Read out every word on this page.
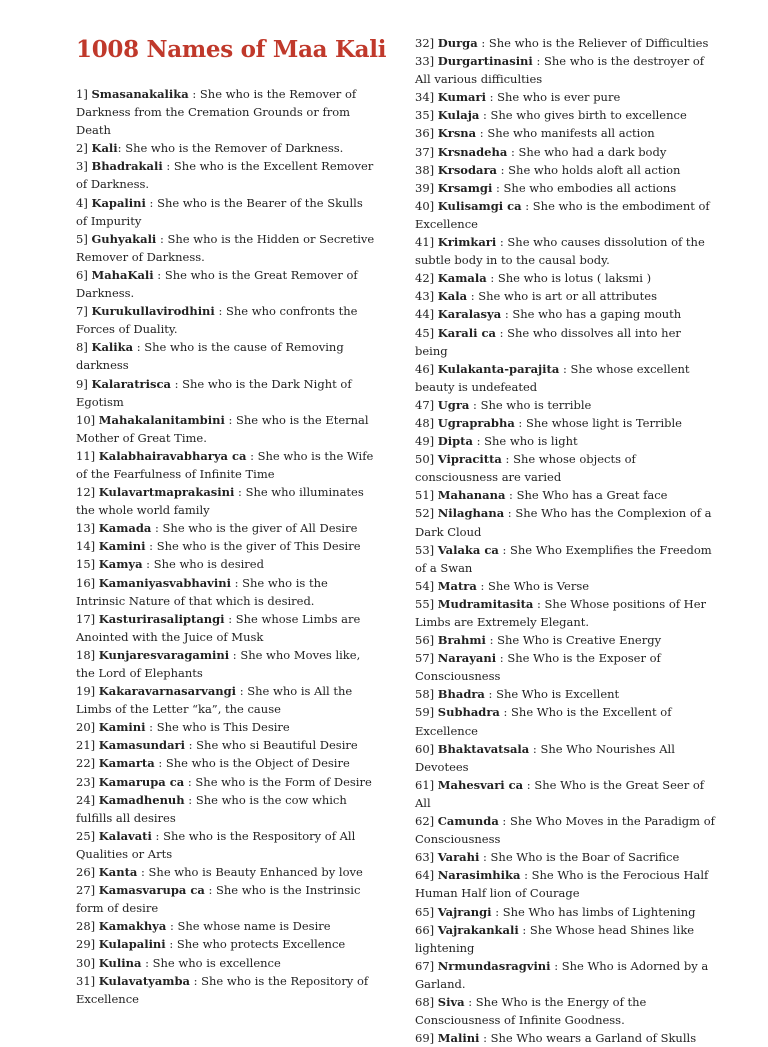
1008 Names of Maa Kali

1] Smasanakalika : She who is the Remover of Darkness from the Cremation Grounds or from Death

2] Kali: She who is the Remover of Darkness.

3] Bhadrakali : She who is the Excellent Remover of Darkness.

4] Kapalini : She who is the Bearer of the Skulls of Impurity

5] Guhyakali : She who is the Hidden or Secretive Remover of Darkness.

6] MahaKali : She who is the Great Remover of Darkness.

7] Kurukullavirodhini : She who confronts the Forces of Duality.

8] Kalika : She who is the cause of Removing darkness

9] Kalaratrisca : She who is the Dark Night of Egotism

10] Mahakalanitambini : She who is the Eternal Mother of Great Time.

11] Kalabhairavabharya ca : She who is the Wife of the Fearfulness of Infinite Time

12] Kulavartmaprakasini : She who illuminates the whole world family

13] Kamada : She who is the giver of All Desire

14] Kamini : She who is the giver of This Desire

15] Kamya : She who is desired

16] Kamaniyasvabhavini : She who is the Intrinsic Nature of that which is desired.

17] Kasturirasaliptangi : She whose Limbs are Anointed with the Juice of Musk

18] Kunjaresvaragamini : She who Moves like, the Lord of Elephants

19] Kakaravarnasarvangi : She who is All the Limbs of the Letter “ka”, the cause

20] Kamini : She who is This Desire

21] Kamasundari : She who si Beautiful Desire

22] Kamarta : She who is the Object of Desire

23] Kamarupa ca : She who is the Form of Desire

24] Kamadhenuh : She who is the cow which fulfills all desires

25] Kalavati : She who is the Respository of All Qualities or Arts

26] Kanta : She who is Beauty Enhanced by love

27] Kamasvarupa ca : She who is the Instrinsic form of desire

28] Kamakhya : She whose name is Desire

29] Kulapalini : She who protects Excellence

30] Kulina : She who is excellence

31] Kulavatyamba : She who is the Repository of Excellence

32] Durga : She who is the Reliever of Difficulties

33] Durgartinasini : She who is the destroyer of All various difficulties

34] Kumari : She who is ever pure

35] Kulaja : She who gives birth to excellence

36] Krsna : She who manifests all action

37] Krsnadeha : She who had a dark body

38] Krsodara : She who holds aloft all action

39] Krsamgi : She who embodies all actions

40] Kulisamgi ca : She who is the embodiment of Excellence

41] Krimkari : She who causes dissolution of the subtle body in to the causal body.

42] Kamala : She who is lotus ( laksmi )

43] Kala : She who is art or all attributes

44] Karalasya : She who has a gaping mouth

45] Karali ca : She who dissolves all into her being

46] Kulakanta-parajita : She whose excellent beauty is undefeated

47] Ugra : She who is terrible

48] Ugraprabha : She whose light is Terrible

49] Dipta : She who is light

50] Vipracitta : She whose objects of consciousness are varied

51] Mahanana : She Who has a Great face

52] Nilaghana : She Who has the Complexion of a Dark Cloud

53] Valaka ca : She Who Exemplifies the Freedom of a Swan

54] Matra : She Who is Verse

55] Mudramitasita : She Whose positions of Her Limbs are Extremely Elegant.

56] Brahmi : She Who is Creative Energy

57] Narayani : She Who is the Exposer of Consciousness

58] Bhadra : She Who is Excellent

59] Subhadra : She Who is the Excellent of Excellence

60] Bhaktavatsala : She Who Nourishes All Devotees

61] Mahesvari ca : She Who is the Great Seer of All

62] Camunda : She Who Moves in the Paradigm of Consciousness

63] Varahi : She Who is the Boar of Sacrifice

64] Narasimhika : She Who is the Ferocious Half Human Half lion of Courage

65] Vajrangi : She Who has limbs of Lightening

66] Vajrakankali : She Whose head Shines like lightening

67] Nrmundasragvini : She Who is Adorned by a Garland.

68] Siva : She Who is the Energy of the Consciousness of Infinite Goodness.

69] Malini : She Who wears a Garland of Skulls
